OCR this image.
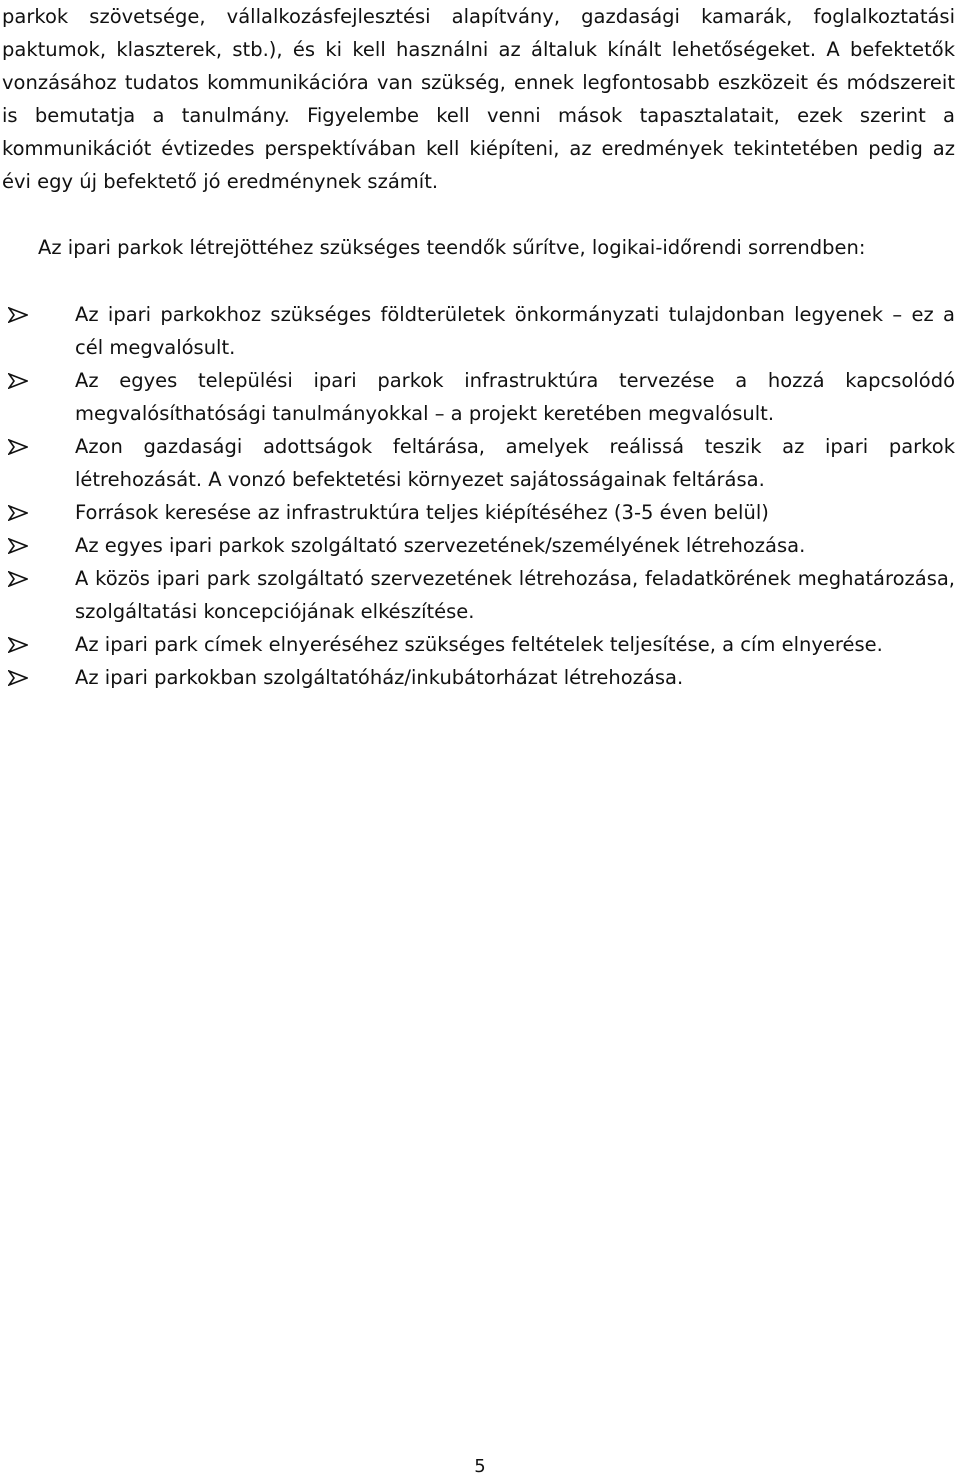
parkok szövetsége, vállalkozásfejlesztési alapítvány, gazdasági kamarák, foglalkoztatási paktumok, klaszterek, stb.), és ki kell használni az általuk kínált lehetőségeket. A befektetők vonzásához tudatos kommunikációra van szükség, ennek legfontosabb eszközeit és módszereit is bemutatja a tanulmány. Figyelembe kell venni mások tapasztalatait, ezek szerint a kommunikációt évtizedes perspektívában kell kiépíteni, az eredmények tekintetében pedig az évi egy új befektető jó eredménynek számít.

Az ipari parkok létrejöttéhez szükséges teendők sűrítve, logikai-időrendi sorrendben:

Az ipari parkokhoz szükséges földterületek önkormányzati tulajdonban legyenek – ez a cél megvalósult.
Az egyes települési ipari parkok infrastruktúra tervezése a hozzá kapcsolódó megvalósíthatósági tanulmányokkal – a projekt keretében megvalósult.
Azon gazdasági adottságok feltárása, amelyek reálissá teszik az ipari parkok létrehozását. A vonzó befektetési környezet sajátosságainak feltárása.
Források keresése az infrastruktúra teljes kiépítéséhez (3-5 éven belül)
Az egyes ipari parkok szolgáltató szervezetének/személyének létrehozása.
A közös ipari park szolgáltató szervezetének létrehozása, feladatkörének meghatározása, szolgáltatási koncepciójának elkészítése.
Az ipari park címek elnyeréséhez szükséges feltételek teljesítése, a cím elnyerése.
Az ipari parkokban szolgáltatóház/inkubátorházat létrehozása.
5
